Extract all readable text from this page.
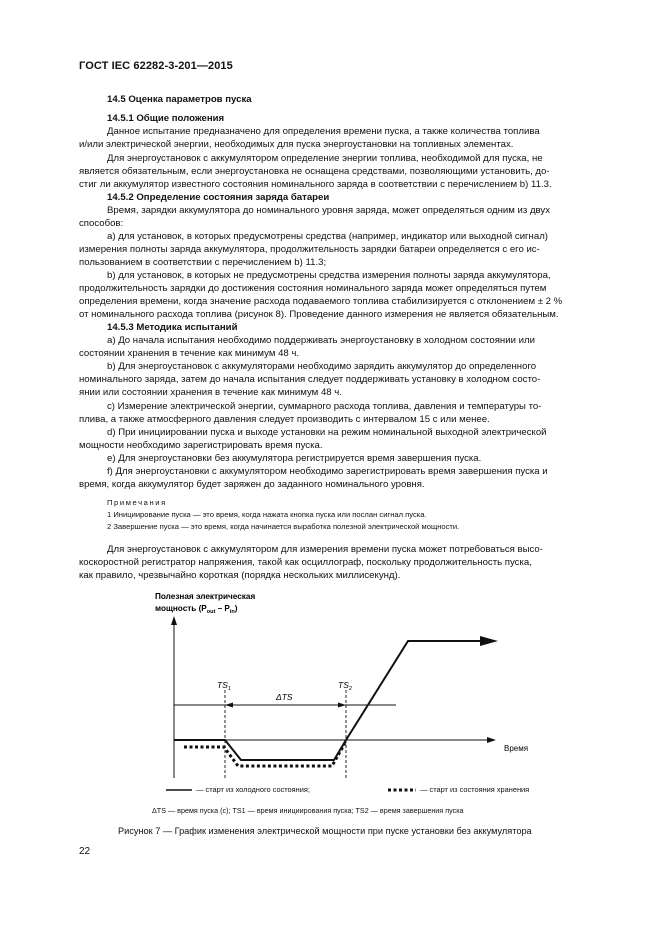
ГОСТ IEC 62282-3-201—2015
14.5 Оценка параметров пуска
14.5.1 Общие положения
Данное испытание предназначено для определения времени пуска, а также количества топлива
и/или электрической энергии, необходимых для пуска энергоустановки на топливных элементах.
Для энергоустановок с аккумулятором определение энергии топлива, необходимой для пуска, не
является обязательным, если энергоустановка не оснащена средствами, позволяющими установить, до-
стиг ли аккумулятор известного состояния номинального заряда в соответствии с перечислением b) 11.3.
14.5.2 Определение состояния заряда батареи
Время, зарядки аккумулятора до номинального уровня заряда, может определяться одним из двух
способов:
а) для установок, в которых предусмотрены средства (например, индикатор или выходной сигнал)
измерения полноты заряда аккумулятора, продолжительность зарядки батареи определяется с его ис-
пользованием в соответствии с перечислением b) 11.3;
b) для установок, в которых не предусмотрены средства измерения полноты заряда аккумулятора,
продолжительность зарядки до достижения состояния номинального заряда может определяться путем
определения времени, когда значение расхода подаваемого топлива стабилизируется с отклонением ± 2 %
от номинального расхода топлива (рисунок 8). Проведение данного измерения не является обязательным.
14.5.3 Методика испытаний
а) До начала испытания необходимо поддерживать энергоустановку в холодном состоянии или
состоянии хранения в течение как минимум 48 ч.
b) Для энергоустановок с аккумуляторами необходимо зарядить аккумулятор до определенного
номинального заряда, затем до начала испытания следует поддерживать установку в холодном состо-
янии или состоянии хранения в течение как минимум 48 ч.
с) Измерение электрической энергии, суммарного расхода топлива, давления и температуры то-
плива, а также атмосферного давления следует производить с интервалом 15 с или менее.
d) При инициировании пуска и выходе установки на режим номинальной выходной электрической
мощности необходимо зарегистрировать время пуска.
е) Для энергоустановки без аккумулятора регистрируется время завершения пуска.
f) Для энергоустановки с аккумулятором необходимо зарегистрировать время завершения пуска и
время, когда аккумулятор будет заряжен до заданного номинального уровня.
Примечания
1 Инициирование пуска — это время, когда нажата кнопка пуска или послан сигнал пуска.
2 Завершение пуска — это время, когда начинается выработка полезной электрической мощности.
Для энергоустановок с аккумулятором для измерения времени пуска может потребоваться высо-
коскоростной регистратор напряжения, такой как осциллограф, поскольку продолжительность пуска,
как правило, чрезвычайно короткая (порядка нескольких миллисекунд).
Полезная электрическая
мощность $(P_{out} - P_{in})$
Время
$TS_1$	$TS_2$
ΔTS
— старт из холодного состояния;	— старт из состояния хранения
ΔTS — время пуска (с); TS1 — время инициирования пуска; TS2 — время завершения пуска
Рисунок 7 — График изменения электрической мощности при пуске установки без аккумулятора
22
